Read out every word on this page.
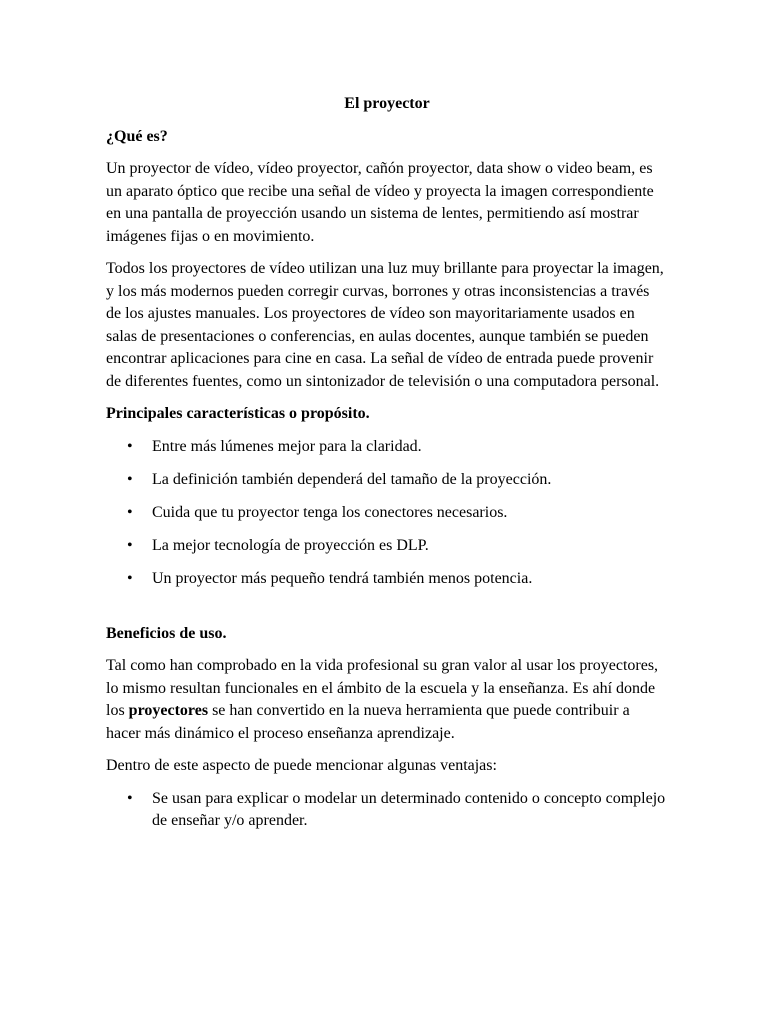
El proyector
¿Qué es?

Un proyector de vídeo, vídeo proyector, cañón proyector, data show o video beam, es un aparato óptico que recibe una señal de vídeo y proyecta la imagen correspondiente en una pantalla de proyección usando un sistema de lentes, permitiendo así mostrar imágenes fijas o en movimiento.

Todos los proyectores de vídeo utilizan una luz muy brillante para proyectar la imagen, y los más modernos pueden corregir curvas, borrones y otras inconsistencias a través de los ajustes manuales. Los proyectores de vídeo son mayoritariamente usados en salas de presentaciones o conferencias, en aulas docentes, aunque también se pueden encontrar aplicaciones para cine en casa. La señal de vídeo de entrada puede provenir de diferentes fuentes, como un sintonizador de televisión o una computadora personal.

Principales características o propósito.
• Entre más lúmenes mejor para la claridad.
• La definición también dependerá del tamaño de la proyección.
• Cuida que tu proyector tenga los conectores necesarios.
• La mejor tecnología de proyección es DLP.
• Un proyector más pequeño tendrá también menos potencia.
Beneficios de uso.

Tal como han comprobado en la vida profesional su gran valor al usar los proyectores, lo mismo resultan funcionales en el ámbito de la escuela y la enseñanza. Es ahí donde los proyectores se han convertido en la nueva herramienta que puede contribuir a hacer más dinámico el proceso enseñanza aprendizaje.

Dentro de este aspecto de puede mencionar algunas ventajas:

• Se usan para explicar o modelar un determinado contenido o concepto complejo de enseñar y/o aprender.
